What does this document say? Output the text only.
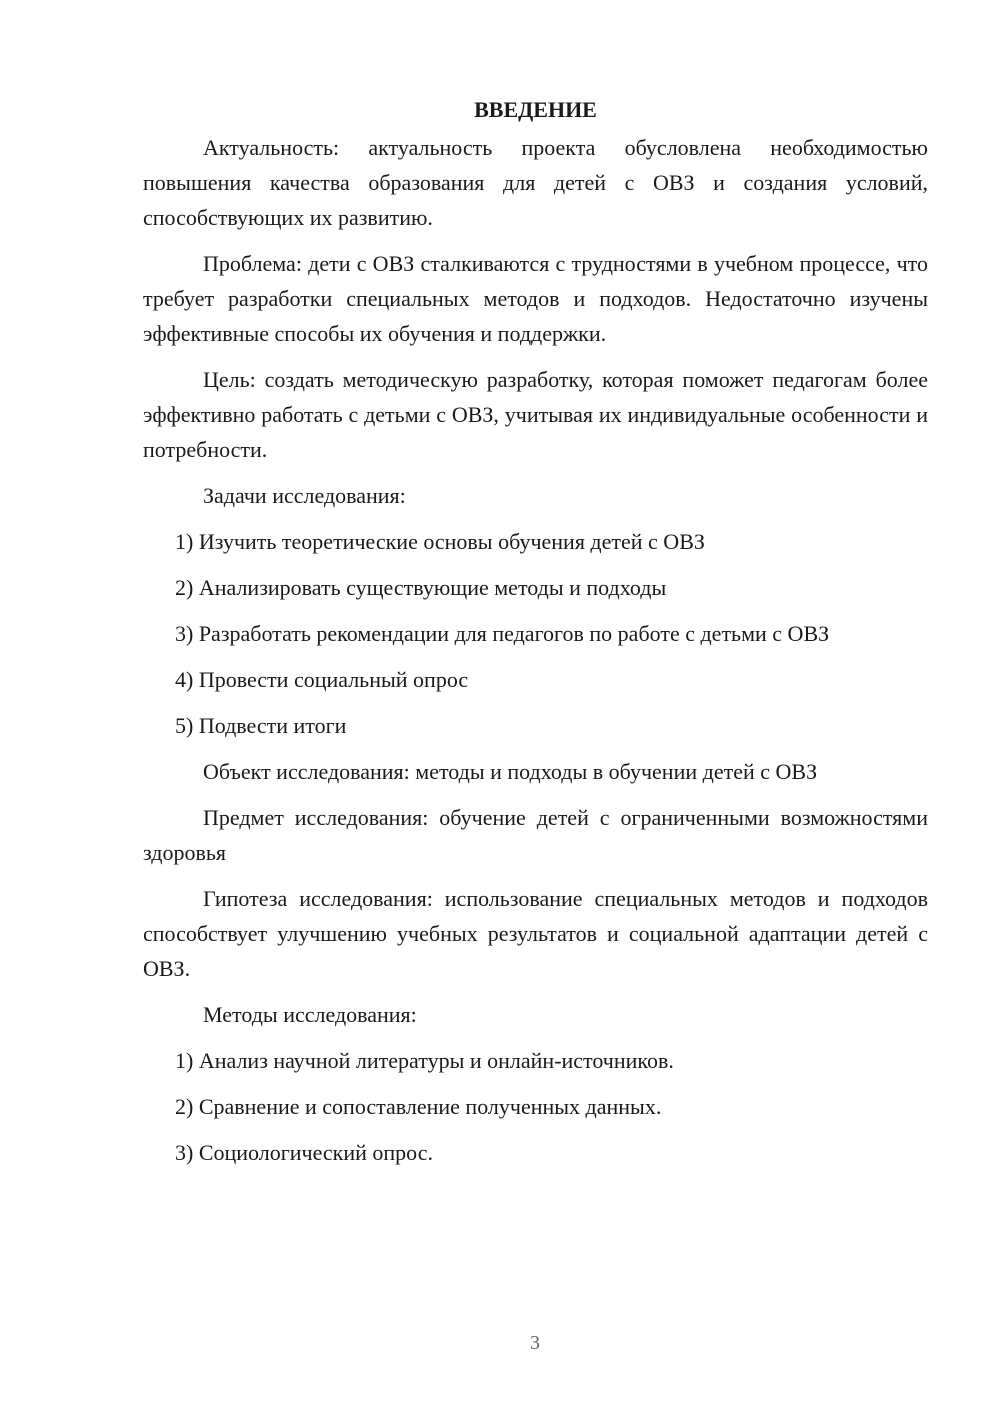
ВВЕДЕНИЕ
Актуальность: актуальность проекта обусловлена необходимостью повышения качества образования для детей с ОВЗ и создания условий, способствующих их развитию.
Проблема: дети с ОВЗ сталкиваются с трудностями в учебном процессе, что требует разработки специальных методов и подходов. Недостаточно изучены эффективные способы их обучения и поддержки.
Цель: создать методическую разработку, которая поможет педагогам более эффективно работать с детьми с ОВЗ, учитывая их индивидуальные особенности и потребности.
Задачи исследования:
1) Изучить теоретические основы обучения детей с ОВЗ
2) Анализировать существующие методы и подходы
3) Разработать рекомендации для педагогов по работе с детьми с ОВЗ
4) Провести социальный опрос
5) Подвести итоги
Объект исследования: методы и подходы в обучении детей с ОВЗ
Предмет исследования: обучение детей с ограниченными возможностями здоровья
Гипотеза исследования: использование специальных методов и подходов способствует улучшению учебных результатов и социальной адаптации детей с ОВЗ.
Методы исследования:
1) Анализ научной литературы и онлайн-источников.
2) Сравнение и сопоставление полученных данных.
3) Социологический опрос.
3
